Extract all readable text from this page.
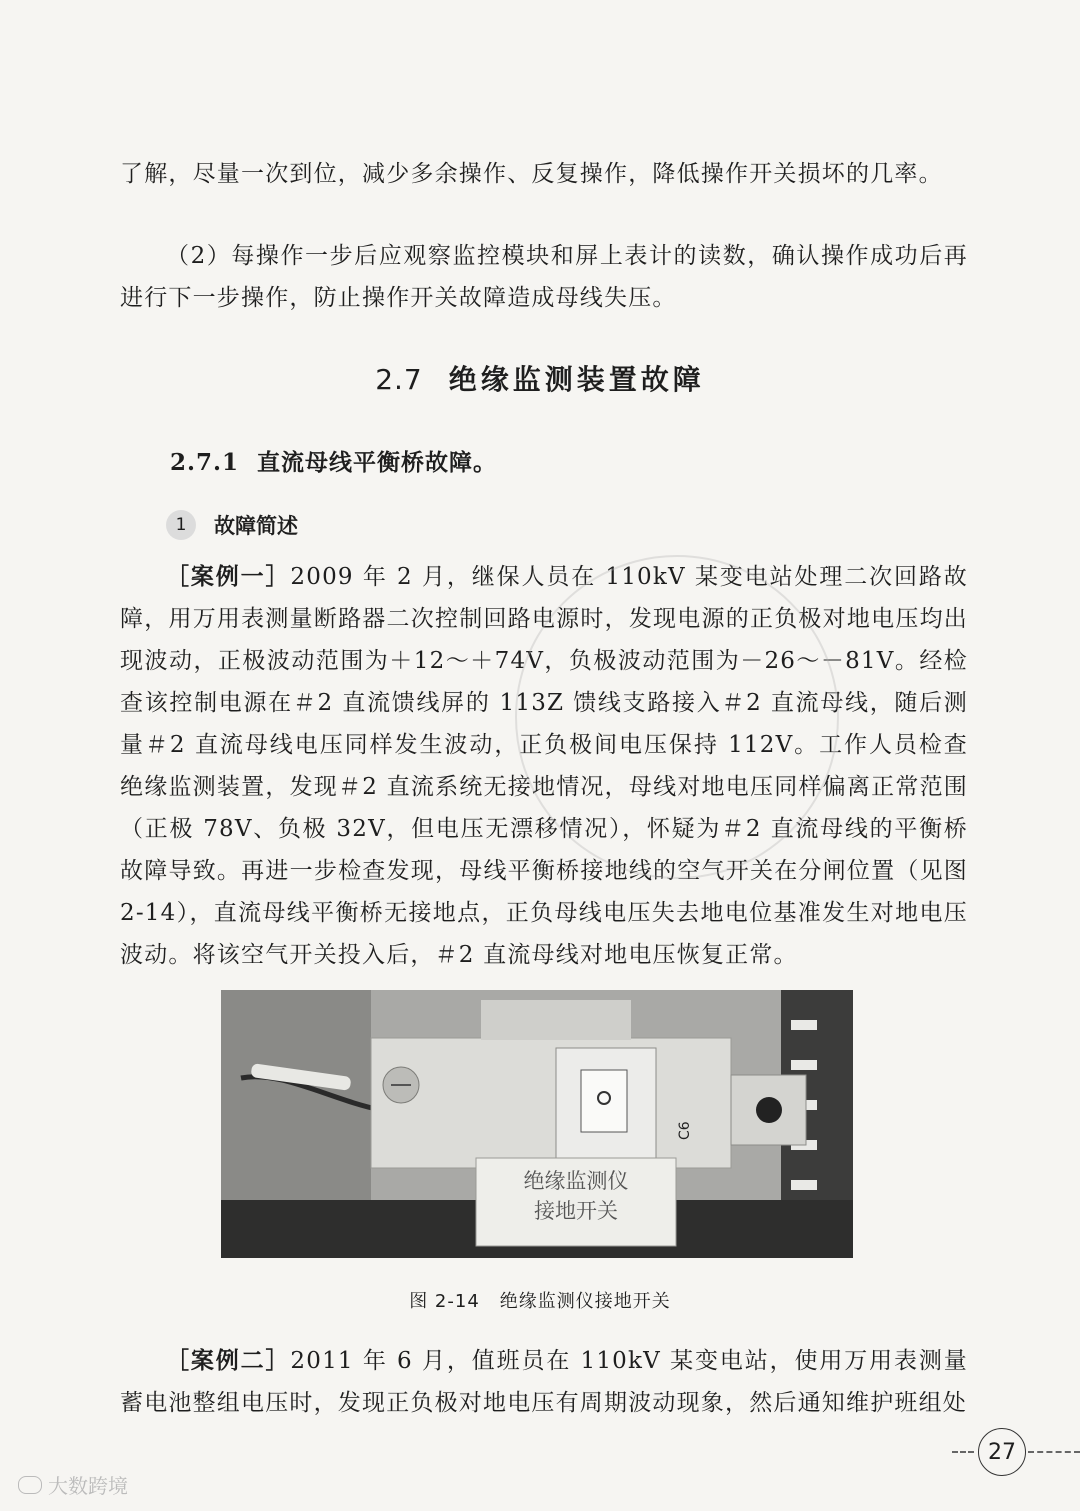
了解，尽量一次到位，减少多余操作、反复操作，降低操作开关损坏的几率。

（2）每操作一步后应观察监控模块和屏上表计的读数，确认操作成功后再进行下一步操作，防止操作开关故障造成母线失压。

2.7 绝缘监测装置故障
2.7.1 直流母线平衡桥故障。
1	故障简述

［案例一］2009 年 2 月，继保人员在 110kV 某变电站处理二次回路故障，用万用表测量断路器二次控制回路电源时，发现电源的正负极对地电压均出现波动，正极波动范围为＋12～＋74V，负极波动范围为－26～－81V。经检查该控制电源在＃2 直流馈线屏的 113Z 馈线支路接入＃2 直流母线，随后测量＃2 直流母线电压同样发生波动，正负极间电压保持 112V。工作人员检查绝缘监测装置，发现＃2 直流系统无接地情况，母线对地电压同样偏离正常范围（正极 78V、负极 32V，但电压无漂移情况），怀疑为＃2 直流母线的平衡桥故障导致。再进一步检查发现，母线平衡桥接地线的空气开关在分闸位置（见图 2-14），直流母线平衡桥无接地点，正负母线电压失去地电位基准发生对地电压波动。将该空气开关投入后，＃2 直流母线对地电压恢复正常。

C6
绝缘监测仪
接地开关
图 2-14 绝缘监测仪接地开关

［案例二］2011 年 6 月，值班员在 110kV 某变电站，使用万用表测量蓄电池整组电压时，发现正负极对地电压有周期波动现象，然后通知维护班组处

27
大数跨境
